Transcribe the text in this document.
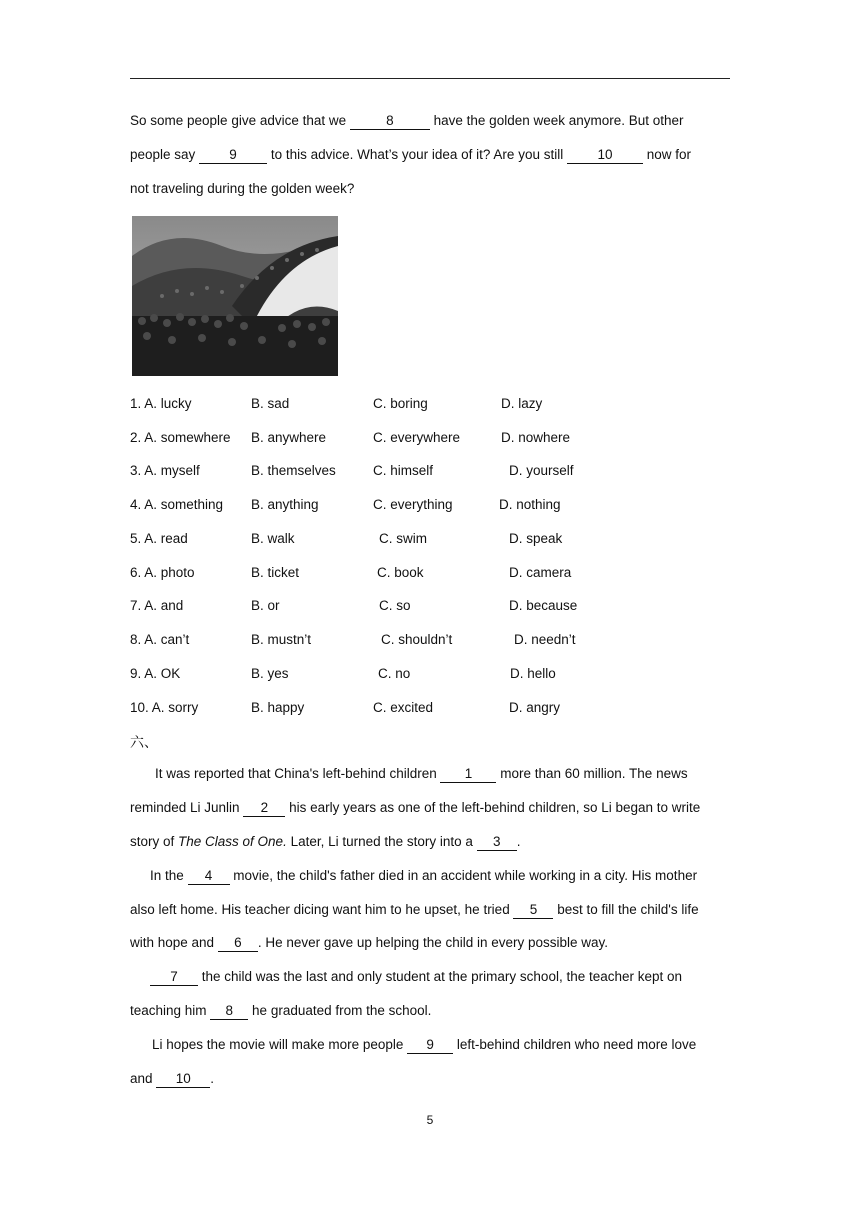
So some people give advice that we	8	have the golden week anymore. But other
people say 9 to this advice. What’s your idea of it? Are you still 10 now for
not traveling during the golden week?
1. A. lucky	B. sad	C. boring	D. lazy
2. A. somewhere B. anywhere	C. everywhere	D. nowhere
3. A. myself	B. themselves	C. himself	D. yourself
4. A. something B. anything	C. everything	D. nothing
5. A. read	B. walk	C. swim	D. speak
6. A. photo	B. ticket	C. book	D. camera
7. A. and	B. or	C. so	D. because
8. A. can’t	B. mustn’t	C. shouldn’t	D. needn’t
9. A. OK	B. yes	C. no	D. hello
10. A. sorry	B. happy	C. excited	D. angry
六、
It was reported that China's left-behind children 1 more than 60 million. The news
reminded Li Junlin 2 his early years as one of the left-behind children, so Li began to write
story of The Class of One. Later, Li turned the story into a 3 .
In the 4 movie, the child's father died in an accident while working in a city. His mother
also left home. His teacher dicing want him to he upset, he tried 5 best to fill the child's life
with hope and 6 . He never gave up helping the child in every possible way.
7 the child was the last and only student at the primary school, the teacher kept on
teaching him 8 he graduated from the school.
Li hopes the movie will make more people 9 left-behind children who need more love
and 10 .
5
